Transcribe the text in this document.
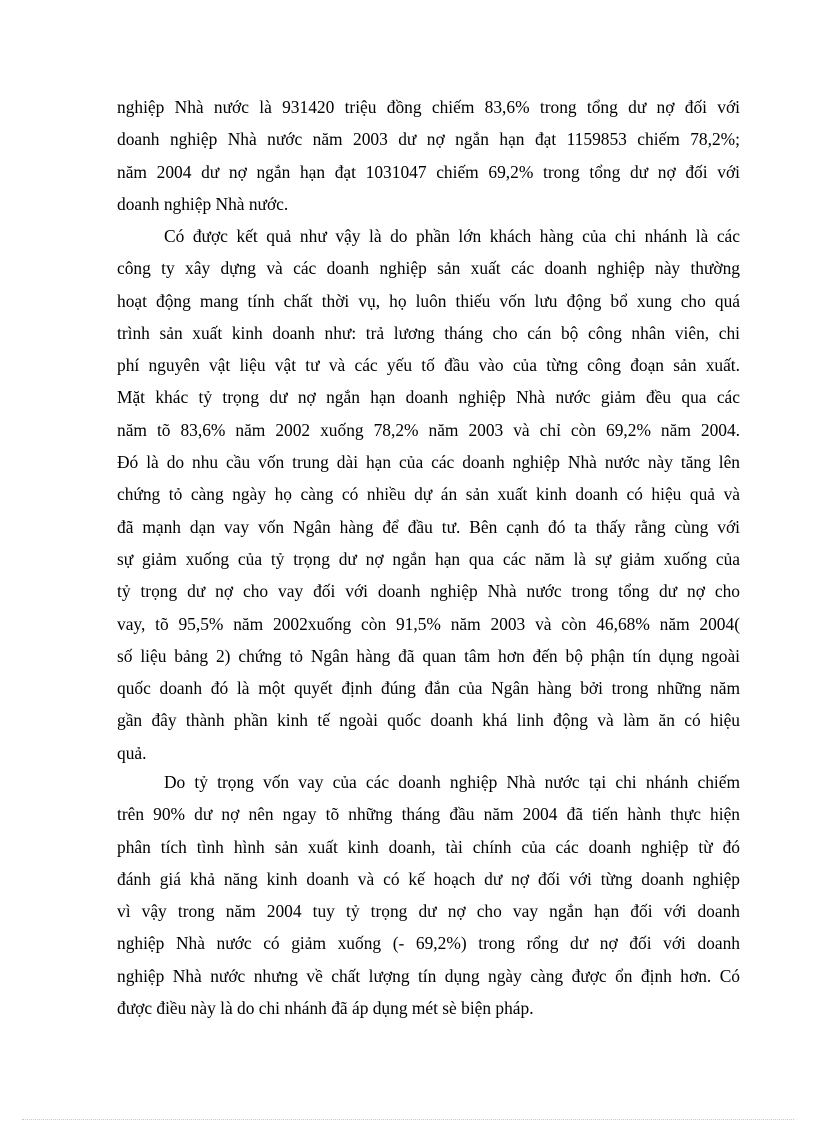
nghiệp Nhà nước là 931420 triệu đồng chiếm 83,6% trong tổng dư nợ đối với
doanh nghiệp Nhà nước năm 2003 dư nợ ngắn hạn đạt 1159853 chiếm 78,2%;
năm 2004 dư nợ ngắn hạn đạt 1031047 chiếm 69,2% trong tổng dư nợ đối với
doanh nghiệp Nhà nước.
Có được kết quả như vậy là do phần lớn khách hàng của chi nhánh là các
công ty xây dựng và các doanh nghiệp sản xuất các doanh nghiệp này thường
hoạt động mang tính chất thời vụ, họ luôn thiếu vốn lưu động bổ xung cho quá
trình sản xuất kinh doanh như: trả lương tháng cho cán bộ công nhân viên, chi
phí nguyên vật liệu vật tư và các yếu tố đầu vào của từng công đoạn sản xuất.
Mặt khác tỷ trọng dư nợ ngắn hạn doanh nghiệp Nhà nước giảm đều qua các
năm tõ 83,6% năm 2002 xuống 78,2% năm 2003 và chỉ còn 69,2% năm 2004.
Đó là do nhu cầu vốn trung dài hạn của các doanh nghiệp Nhà nước này tăng lên
chứng tỏ càng ngày họ càng có nhiều dự án sản xuất kinh doanh có hiệu quả và
đã mạnh dạn vay vốn Ngân hàng để đầu tư. Bên cạnh đó ta thấy rằng cùng với
sự giảm xuống của tỷ trọng dư nợ ngắn hạn qua các năm là sự giảm xuống của
tỷ trọng dư nợ cho vay đối với doanh nghiệp Nhà nước trong tổng dư nợ cho
vay, tõ 95,5% năm 2002xuống còn 91,5% năm 2003 và còn 46,68% năm 2004(
số liệu bảng 2) chứng tỏ Ngân hàng đã quan tâm hơn đến bộ phận tín dụng ngoài
quốc doanh đó là một quyết định đúng đắn của Ngân hàng bởi trong những năm
gần đây thành phần kinh tế ngoài quốc doanh khá linh động và làm ăn có hiệu
quả.
Do tỷ trọng vốn vay của các doanh nghiệp Nhà nước tại chi nhánh chiếm
trên 90% dư nợ nên ngay tõ những tháng đầu năm 2004 đã tiến hành thực hiện
phân tích tình hình sản xuất kinh doanh, tài chính của các doanh nghiệp từ đó
đánh giá khả năng kinh doanh và có kế hoạch dư nợ đối với từng doanh nghiệp
vì vậy trong năm 2004 tuy tỷ trọng dư nợ cho vay ngắn hạn đối với doanh
nghiệp Nhà nước có giảm xuống (- 69,2%) trong rổng dư nợ đối với doanh
nghiệp Nhà nước nhưng về chất lượng tín dụng ngày càng được ổn định hơn. Có
được điều này là do chi nhánh đã áp dụng mét sè biện pháp.
